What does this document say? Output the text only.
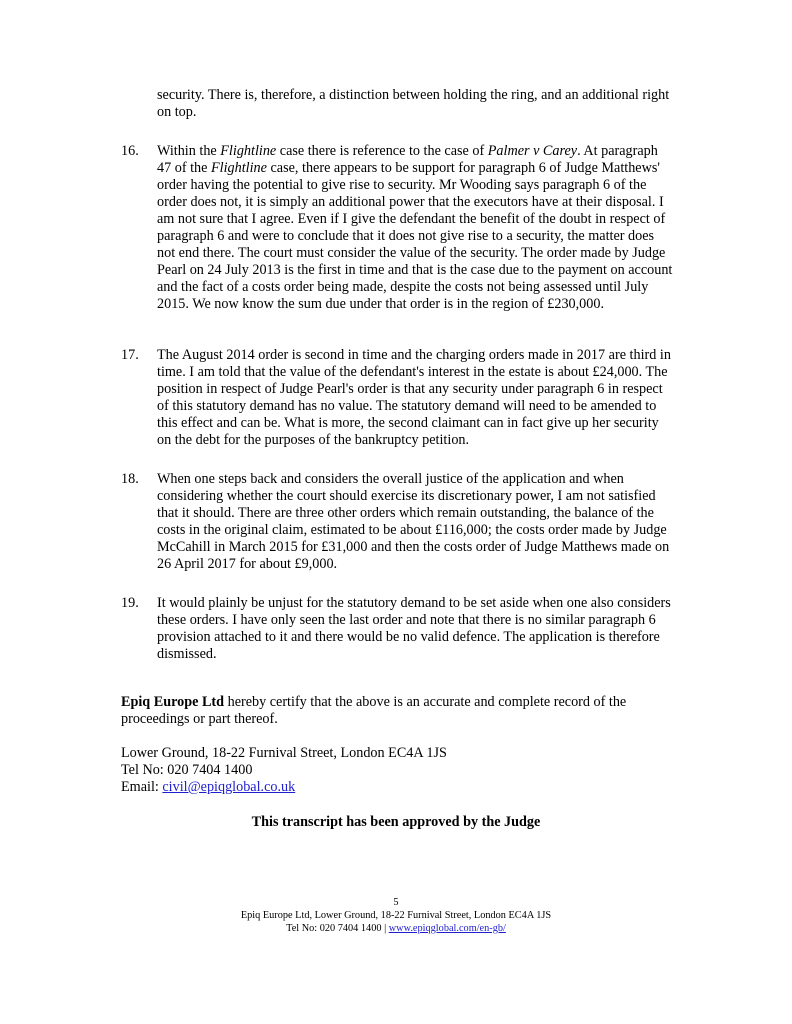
security. There is, therefore, a distinction between holding the ring, and an additional right on top.

16.	Within the Flightline case there is reference to the case of Palmer v Carey. At paragraph 47 of the Flightline case, there appears to be support for paragraph 6 of Judge Matthews' order having the potential to give rise to security. Mr Wooding says paragraph 6 of the order does not, it is simply an additional power that the executors have at their disposal. I am not sure that I agree. Even if I give the defendant the benefit of the doubt in respect of paragraph 6 and were to conclude that it does not give rise to a security, the matter does not end there. The court must consider the value of the security. The order made by Judge Pearl on 24 July 2013 is the first in time and that is the case due to the payment on account and the fact of a costs order being made, despite the costs not being assessed until July 2015. We now know the sum due under that order is in the region of £230,000.

17.	The August 2014 order is second in time and the charging orders made in 2017 are third in time. I am told that the value of the defendant's interest in the estate is about £24,000. The position in respect of Judge Pearl's order is that any security under paragraph 6 in respect of this statutory demand has no value. The statutory demand will need to be amended to this effect and can be. What is more, the second claimant can in fact give up her security on the debt for the purposes of the bankruptcy petition.

18.	When one steps back and considers the overall justice of the application and when considering whether the court should exercise its discretionary power, I am not satisfied that it should. There are three other orders which remain outstanding, the balance of the costs in the original claim, estimated to be about £116,000; the costs order made by Judge McCahill in March 2015 for £31,000 and then the costs order of Judge Matthews made on 26 April 2017 for about £9,000.

19.	It would plainly be unjust for the statutory demand to be set aside when one also considers these orders. I have only seen the last order and note that there is no similar paragraph 6 provision attached to it and there would be no valid defence. The application is therefore dismissed.

Epiq Europe Ltd hereby certify that the above is an accurate and complete record of the proceedings or part thereof.

Lower Ground, 18-22 Furnival Street, London EC4A 1JS
Tel No: 020 7404 1400
Email: civil@epiqglobal.co.uk
This transcript has been approved by the Judge
5
Epiq Europe Ltd, Lower Ground, 18-22 Furnival Street, London EC4A 1JS
Tel No: 020 7404 1400 | www.epiqglobal.com/en-gb/
